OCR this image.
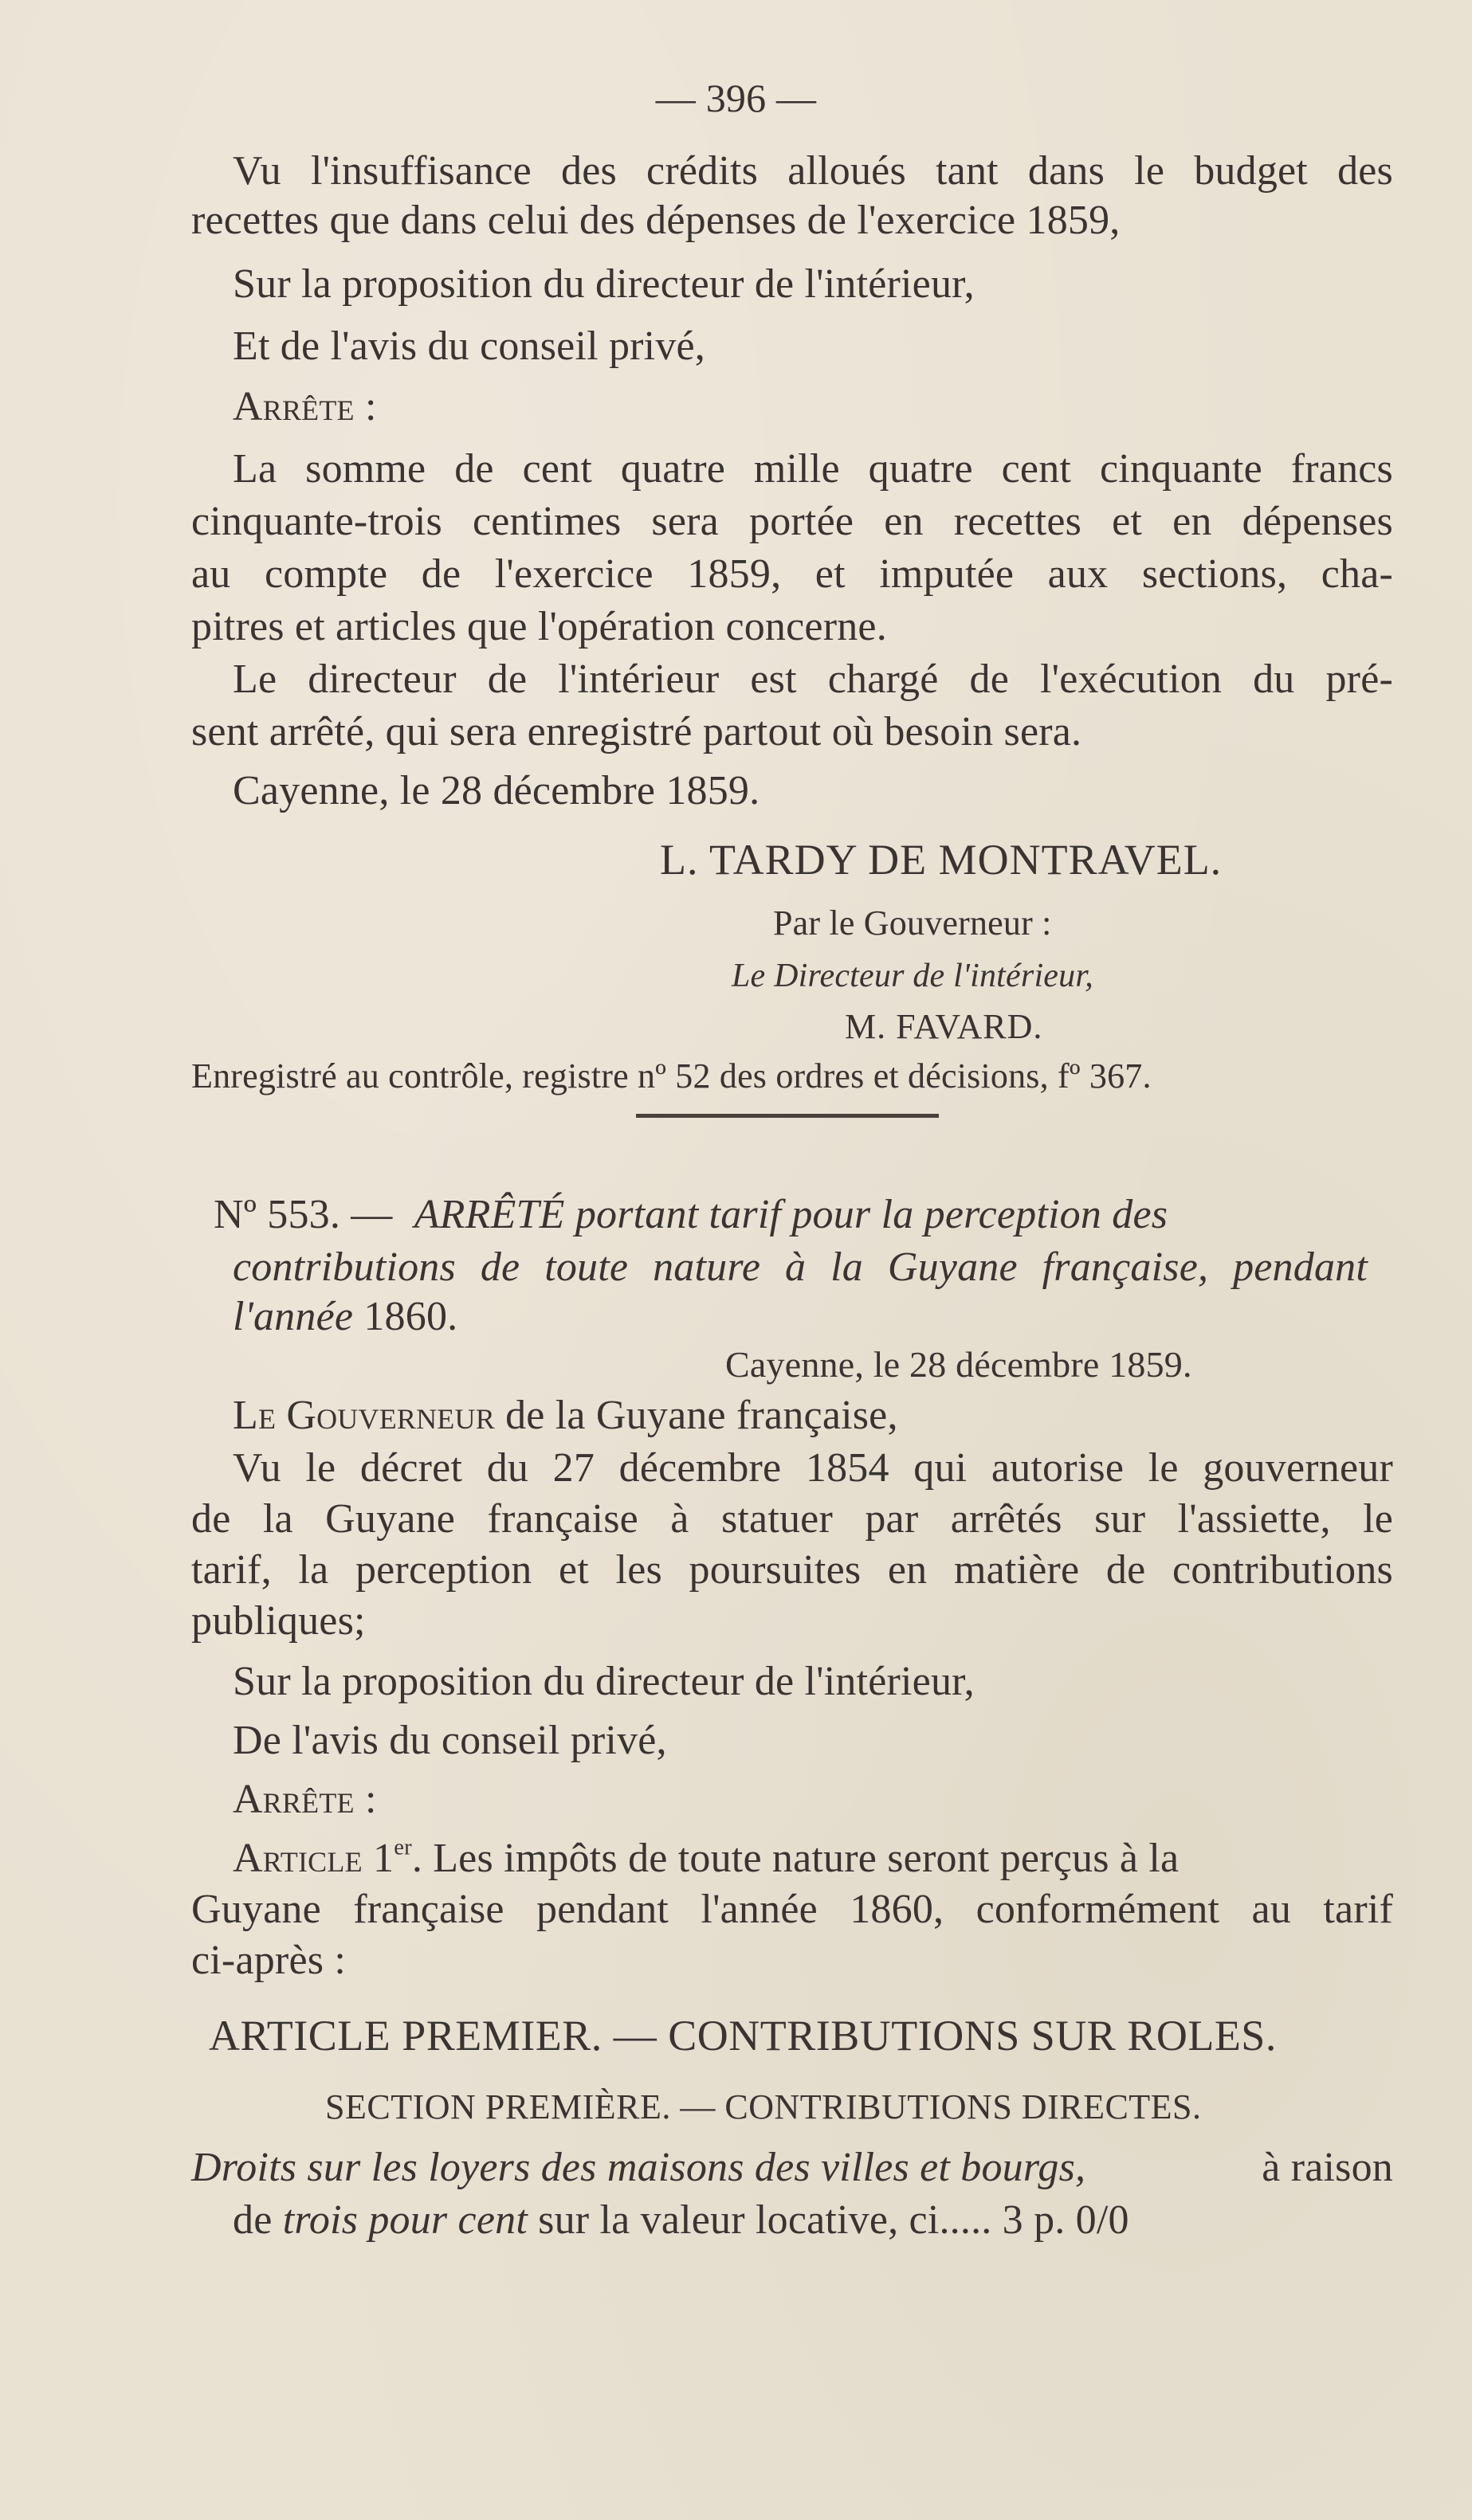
— 396 —
Vu l'insuffisance des crédits alloués tant dans le budget des
recettes que dans celui des dépenses de l'exercice 1859,
Sur la proposition du directeur de l'intérieur,
Et de l'avis du conseil privé,
Arrête :
La somme de cent quatre mille quatre cent cinquante francs
cinquante-trois centimes sera portée en recettes et en dépenses
au compte de l'exercice 1859, et imputée aux sections, cha-
pitres et articles que l'opération concerne.
Le directeur de l'intérieur est chargé de l'exécution du pré-
sent arrêté, qui sera enregistré partout où besoin sera.
Cayenne, le 28 décembre 1859.
L. TARDY DE MONTRAVEL.
Par le Gouverneur :
Le Directeur de l'intérieur,
M. FAVARD.
Enregistré au contrôle, registre nº 52 des ordres et décisions, fº 367.
Nº 553. — ARRÊTÉ portant tarif pour la perception des
contributions de toute nature à la Guyane française, pendant
l'année 1860.
Cayenne, le 28 décembre 1859.
Le Gouverneur de la Guyane française,
Vu le décret du 27 décembre 1854 qui autorise le gouverneur
de la Guyane française à statuer par arrêtés sur l'assiette, le
tarif, la perception et les poursuites en matière de contributions
publiques;
Sur la proposition du directeur de l'intérieur,
De l'avis du conseil privé,
Arrête :
Article 1er. Les impôts de toute nature seront perçus à la
Guyane française pendant l'année 1860, conformément au tarif
ci-après :
ARTICLE PREMIER. — CONTRIBUTIONS SUR ROLES.
SECTION PREMIÈRE. — CONTRIBUTIONS DIRECTES.
Droits sur les loyers des maisons des villes et bourgs,	à raison
de trois pour cent sur la valeur locative, ci..... 3 p. 0/0
